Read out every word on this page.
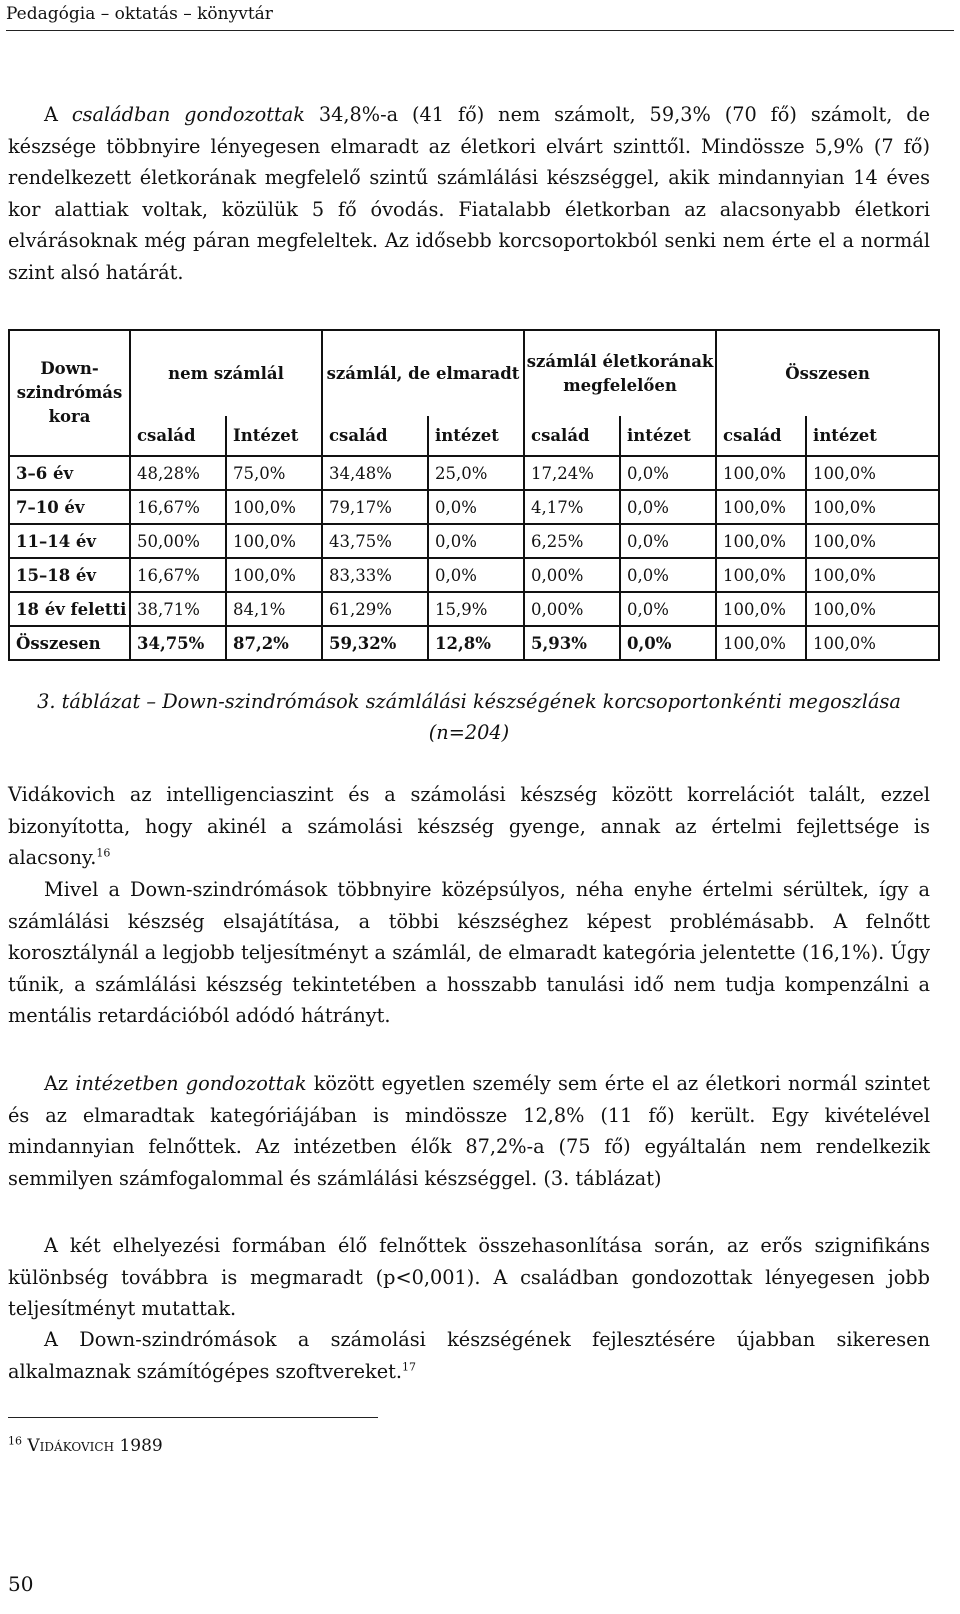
Pedagógia – oktatás – könyvtár

A családban gondozottak 34,8%-a (41 fő) nem számolt, 59,3% (70 fő) számolt, de készsége többnyire lényegesen elmaradt az életkori elvárt szinttől. Mindössze 5,9% (7 fő) rendelkezett életkorának megfelelő szintű számlálási készséggel, akik mindannyian 14 éves kor alattiak voltak, közülük 5 fő óvodás. Fiatalabb életkorban az alacsonyabb életkori elvárásoknak még páran megfeleltek. Az idősebb korcsoportokból senki nem érte el a normál szint alsó határát.

Down-szindrómás kora	nem számlál		számlál, de elmaradt		számlál életkorának megfelelően		Összesen	
	család	Intézet	család	intézet	család	intézet	család	intézet
3–6 év	48,28%	75,0%	34,48%	25,0%	17,24%	0,0%	100,0%	100,0%
7–10 év	16,67%	100,0%	79,17%	0,0%	4,17%	0,0%	100,0%	100,0%
11–14 év	50,00%	100,0%	43,75%	0,0%	6,25%	0,0%	100,0%	100,0%
15–18 év	16,67%	100,0%	83,33%	0,0%	0,00%	0,0%	100,0%	100,0%
18 év feletti	38,71%	84,1%	61,29%	15,9%	0,00%	0,0%	100,0%	100,0%
Összesen	34,75%	87,2%	59,32%	12,8%	5,93%	0,0%	100,0%	100,0%
3. táblázat – Down-szindrómások számlálási készségének korcsoportonkénti megoszlása
(n=204)

Vidákovich az intelligenciaszint és a számolási készség között korrelációt talált, ezzel bizonyította, hogy akinél a számolási készség gyenge, annak az értelmi fejlettsége is alacsony.$^{16}$

Mivel a Down-szindrómások többnyire középsúlyos, néha enyhe értelmi sérültek, így a számlálási készség elsajátítása, a többi készséghez képest problémásabb. A felnőtt korosztálynál a legjobb teljesítményt a számlál, de elmaradt kategória jelentette (16,1%). Úgy tűnik, a számlálási készség tekintetében a hosszabb tanulási idő nem tudja kompenzálni a mentális retardációból adódó hátrányt.

Az intézetben gondozottak között egyetlen személy sem érte el az életkori normál szintet és az elmaradtak kategóriájában is mindössze 12,8% (11 fő) került. Egy kivételével mindannyian felnőttek. Az intézetben élők 87,2%-a (75 fő) egyáltalán nem rendelkezik semmilyen számfogalommal és számlálási készséggel. (3. táblázat)

A két elhelyezési formában élő felnőttek összehasonlítása során, az erős szignifikáns különbség továbbra is megmaradt (p<0,001). A családban gondozottak lényegesen jobb teljesítményt mutattak.

A Down-szindrómások a számolási készségének fejlesztésére újabban sikeresen alkalmaznak számítógépes szoftvereket.$^{17}$

$^{16}$ Vidákovich 1989
50
